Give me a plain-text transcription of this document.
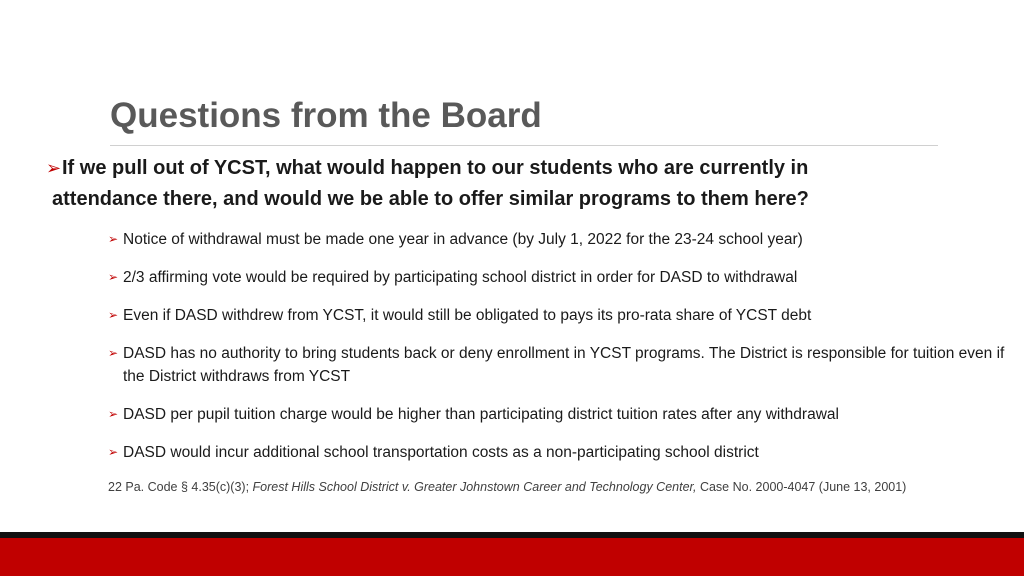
Questions from the Board
➢If we pull out of YCST, what would happen to our students who are currently in
attendance there, and would we be able to offer similar programs to them here?
➢ Notice of withdrawal must be made one year in advance (by July 1, 2022 for the 23-24 school year)
➢ 2/3 affirming vote would be required by participating school district in order for DASD to withdrawal
➢ Even if DASD withdrew from YCST, it would still be obligated to pays its pro-rata share of YCST debt
➢ DASD has no authority to bring students back or deny enrollment in YCST programs. The District is responsible for tuition even if the District withdraws from YCST
➢ DASD per pupil tuition charge would be higher than participating district tuition rates after any withdrawal
➢ DASD would incur additional school transportation costs as a non-participating school district
22 Pa. Code § 4.35(c)(3); Forest Hills School District v. Greater Johnstown Career and Technology Center, Case No. 2000-4047 (June 13, 2001)
